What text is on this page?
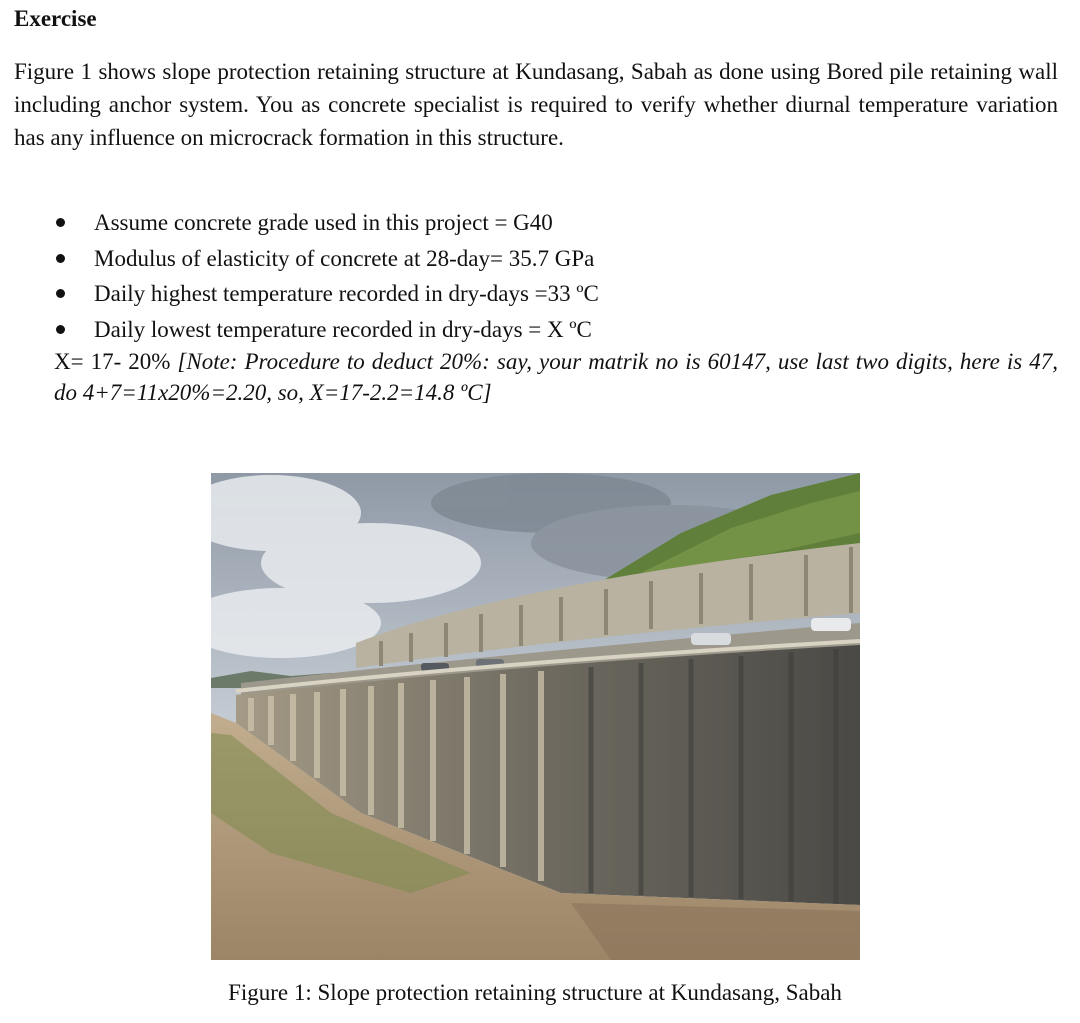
Exercise

Figure 1 shows slope protection retaining structure at Kundasang, Sabah as done using Bored pile retaining wall including anchor system. You as concrete specialist is required to verify whether diurnal temperature variation has any influence on microcrack formation in this structure.

Assume concrete grade used in this project = G40
Modulus of elasticity of concrete at 28-day= 35.7 GPa
Daily highest temperature recorded in dry-days =33 ºC
Daily lowest temperature recorded in dry-days = X ºC

X= 17- 20% [Note: Procedure to deduct 20%: say, your matrik no is 60147, use last two digits, here is 47, do 4+7=11x20%=2.20, so, X=17-2.2=14.8 ºC]

Figure 1: Slope protection retaining structure at Kundasang, Sabah
